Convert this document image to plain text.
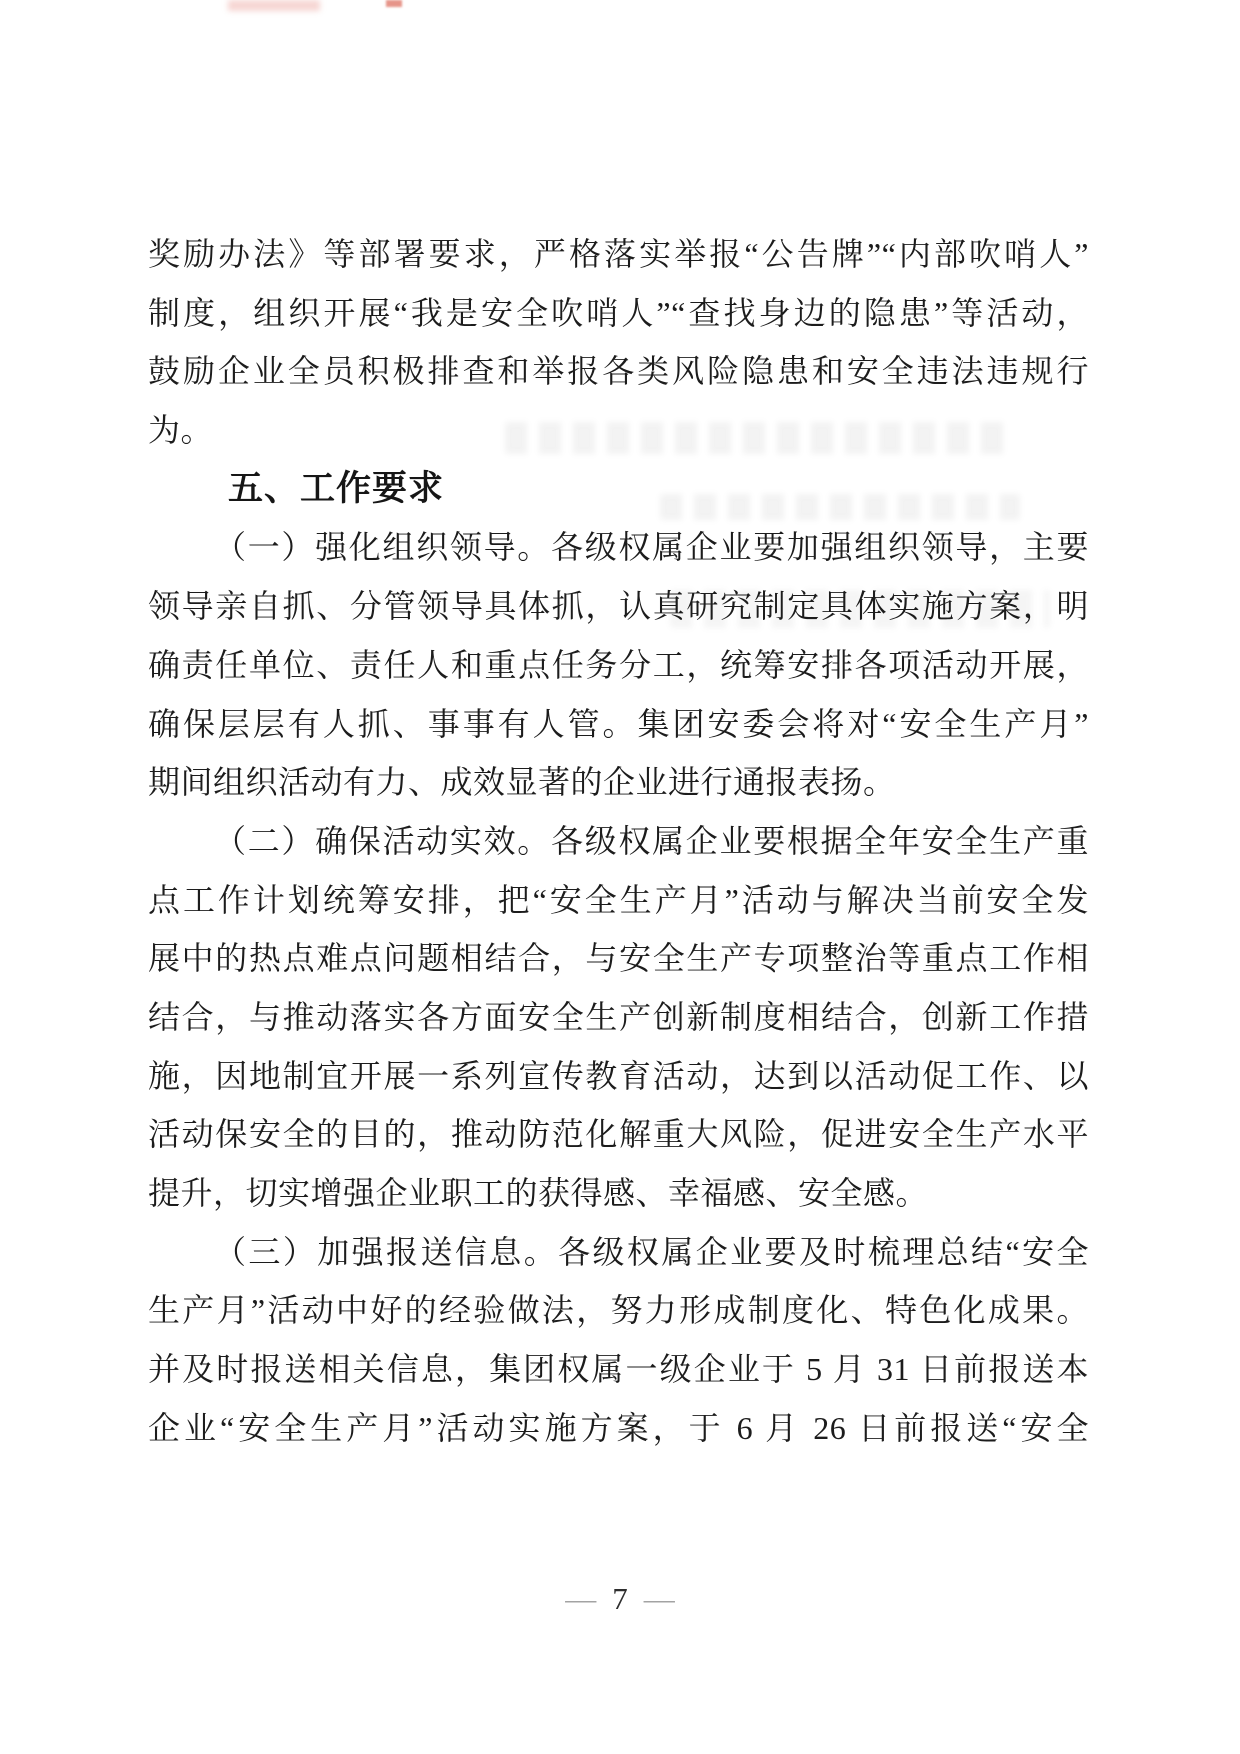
奖励办法》等部署要求，严格落实举报“公告牌”“内部吹哨人”
制度，组织开展“我是安全吹哨人”“查找身边的隐患”等活动，
鼓励企业全员积极排查和举报各类风险隐患和安全违法违规行
为。
五、工作要求
（一）强化组织领导。各级权属企业要加强组织领导，主要
领导亲自抓、分管领导具体抓，认真研究制定具体实施方案，明
确责任单位、责任人和重点任务分工，统筹安排各项活动开展，
确保层层有人抓、事事有人管。集团安委会将对“安全生产月”
期间组织活动有力、成效显著的企业进行通报表扬。
（二）确保活动实效。各级权属企业要根据全年安全生产重
点工作计划统筹安排，把“安全生产月”活动与解决当前安全发
展中的热点难点问题相结合，与安全生产专项整治等重点工作相
结合，与推动落实各方面安全生产创新制度相结合，创新工作措
施，因地制宜开展一系列宣传教育活动，达到以活动促工作、以
活动保安全的目的，推动防范化解重大风险，促进安全生产水平
提升，切实增强企业职工的获得感、幸福感、安全感。
（三）加强报送信息。各级权属企业要及时梳理总结“安全
生产月”活动中好的经验做法，努力形成制度化、特色化成果。
并及时报送相关信息，集团权属一级企业于 5 月 31 日前报送本
企业“安全生产月”活动实施方案，于 6 月 26 日前报送“安全
— 7 —
